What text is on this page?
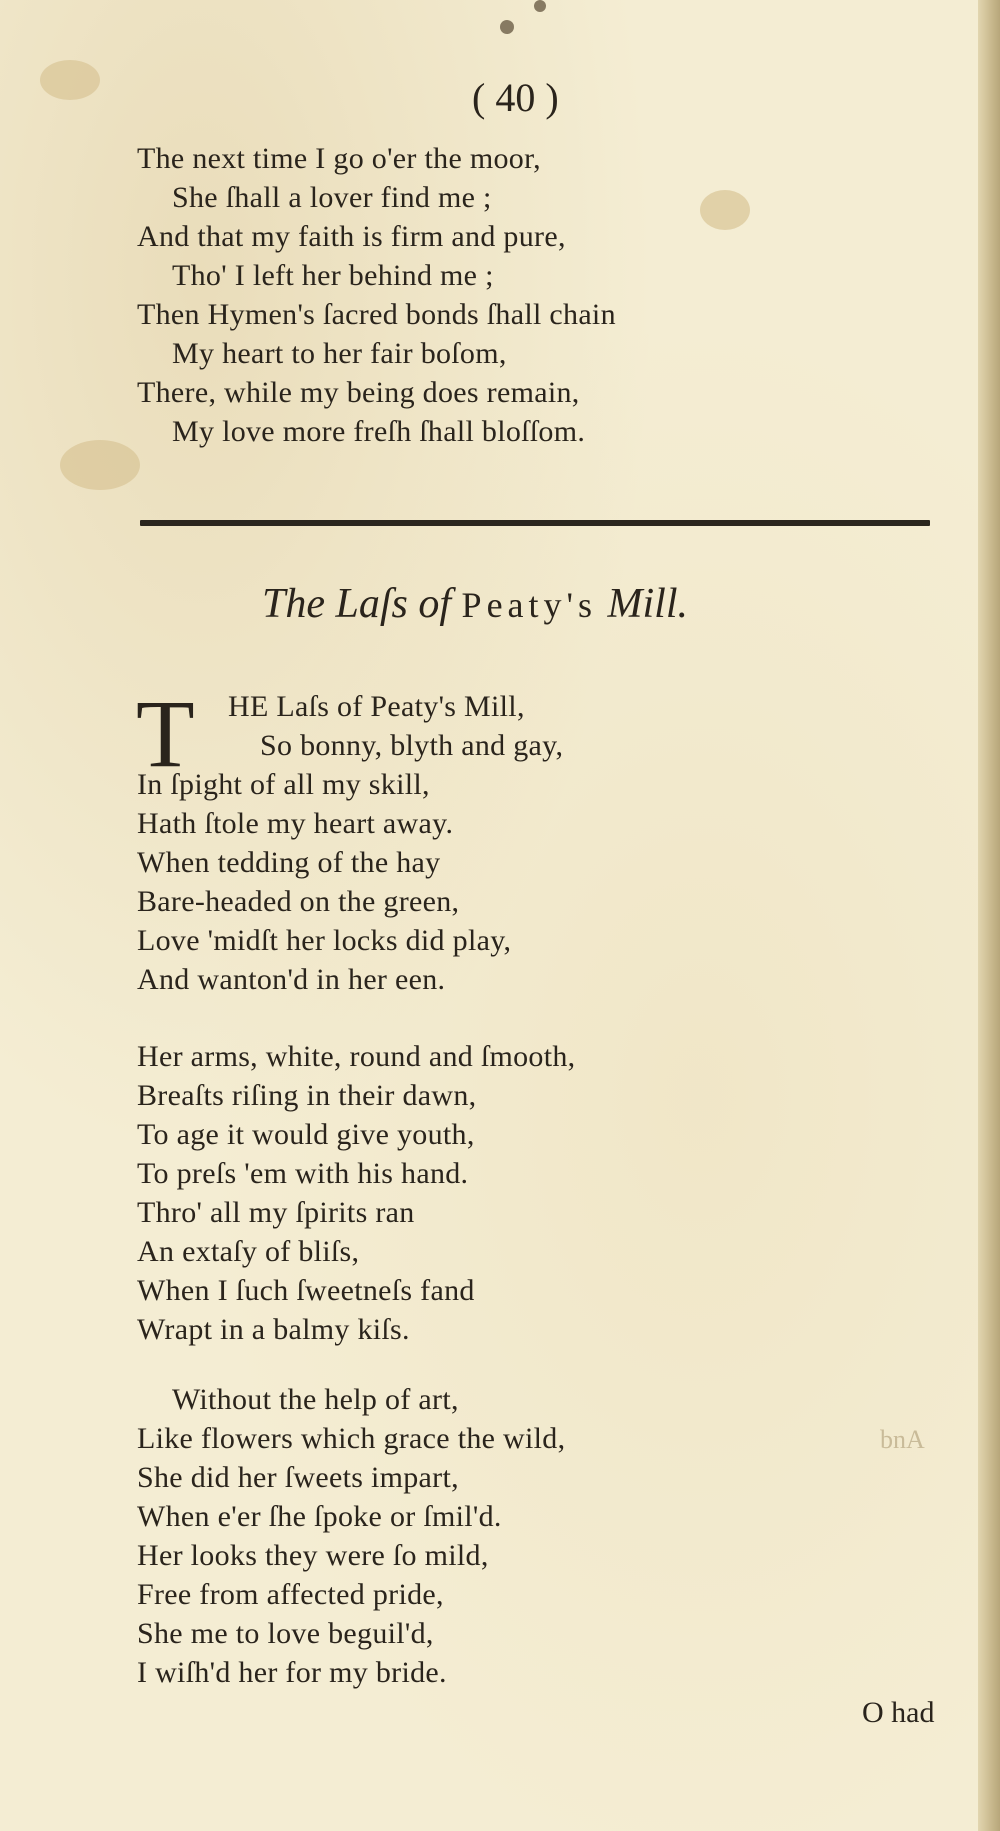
( 40 )
The next time I go o'er the moor,
She ſhall a lover find me ;
And that my faith is firm and pure,
Tho' I left her behind me ;
Then Hymen's ſacred bonds ſhall chain
My heart to her fair boſom,
There, while my being does remain,
My love more freſh ſhall bloſſom.
The Laſs of Peaty's Mill.
T HE Laſs of Peaty's Mill,
So bonny, blyth and gay,
In ſpight of all my skill,
Hath ſtole my heart away.
When tedding of the hay
Bare-headed on the green,
Love 'midſt her locks did play,
And wanton'd in her een.
Her arms, white, round and ſmooth,
Breaſts riſing in their dawn,
To age it would give youth,
To preſs 'em with his hand.
Thro' all my ſpirits ran
An extaſy of bliſs,
When I ſuch ſweetneſs fand
Wrapt in a balmy kiſs.
Without the help of art,
Like flowers which grace the wild,
She did her ſweets impart,
When e'er ſhe ſpoke or ſmil'd.
Her looks they were ſo mild,
Free from affected pride,
She me to love beguil'd,
I wiſh'd her for my bride.
bnA
O had
